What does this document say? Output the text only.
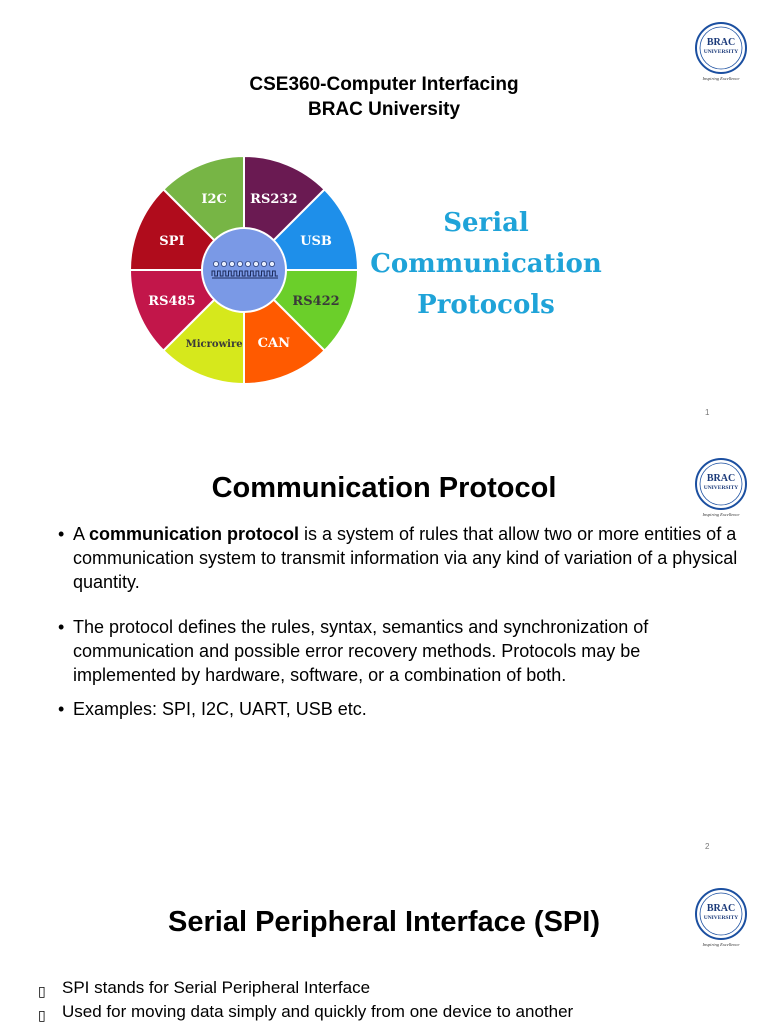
BRAC
UNIVERSITY
Inspiring Excellence
CSE360-Computer Interfacing
BRAC University
I2C RS232
USB
RS422
CAN
Microwire
RS485
SPI
Serial
Communication
Protocols
1
BRAC
UNIVERSITY
Inspiring Excellence
Communication Protocol
• A communication protocol is a system of rules that allow two or more entities of a communication system to transmit information via any kind of variation of a physical quantity.
• The protocol defines the rules, syntax, semantics and synchronization of communication and possible error recovery methods. Protocols may be implemented by hardware, software, or a combination of both.
• Examples: SPI, I2C, UART, USB etc.
2
BRAC
UNIVERSITY
Inspiring Excellence
Serial Peripheral Interface (SPI)
▯ SPI stands for Serial Peripheral Interface
▯ Used for moving data simply and quickly from one device to another
